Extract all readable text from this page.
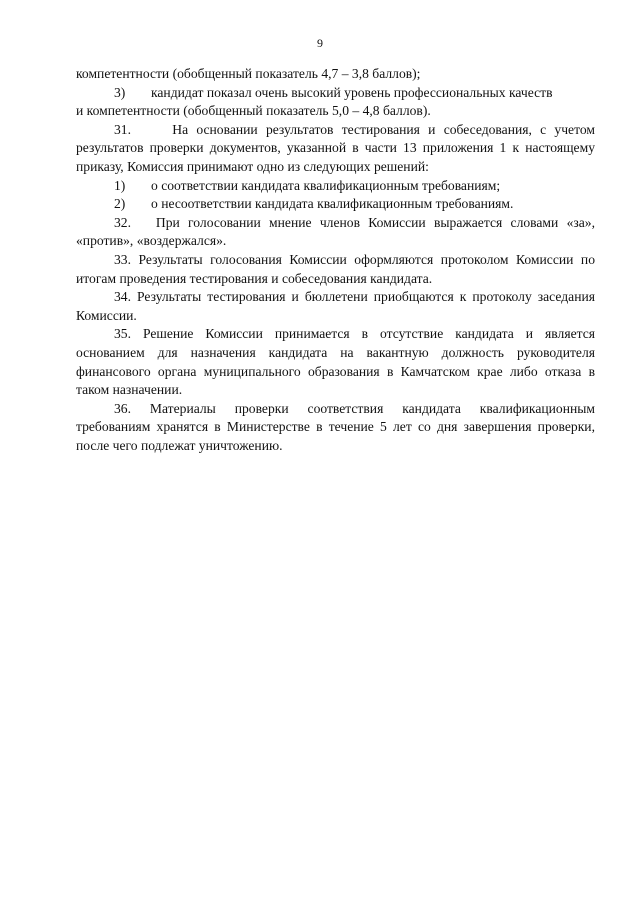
9

компетентности (обобщенный показатель 4,7 – 3,8 баллов);

3)	кандидат показал очень высокий уровень профессиональных качеств

и компетентности (обобщенный показатель 5,0 – 4,8 баллов).

31.     На основании результатов тестирования и собеседования, с учетом результатов проверки документов, указанной в части 13 приложения 1 к настоящему приказу, Комиссия принимают одно из следующих решений:

1)	о соответствии кандидата квалификационным требованиям;
2)	о несоответствии кандидата квалификационным требованиям.

32.   При голосовании мнение членов Комиссии выражается словами «за», «против», «воздержался».

33. Результаты голосования Комиссии оформляются протоколом Комиссии по итогам проведения тестирования и собеседования кандидата.

34. Результаты тестирования и бюллетени приобщаются к протоколу заседания Комиссии.

35. Решение Комиссии принимается в отсутствие кандидата и является основанием для назначения кандидата на вакантную должность руководителя финансового органа муниципального образования в Камчатском крае либо отказа в таком назначении.

36. Материалы проверки соответствия кандидата квалификационным требованиям хранятся в Министерстве в течение 5 лет со дня завершения проверки, после чего подлежат уничтожению.
